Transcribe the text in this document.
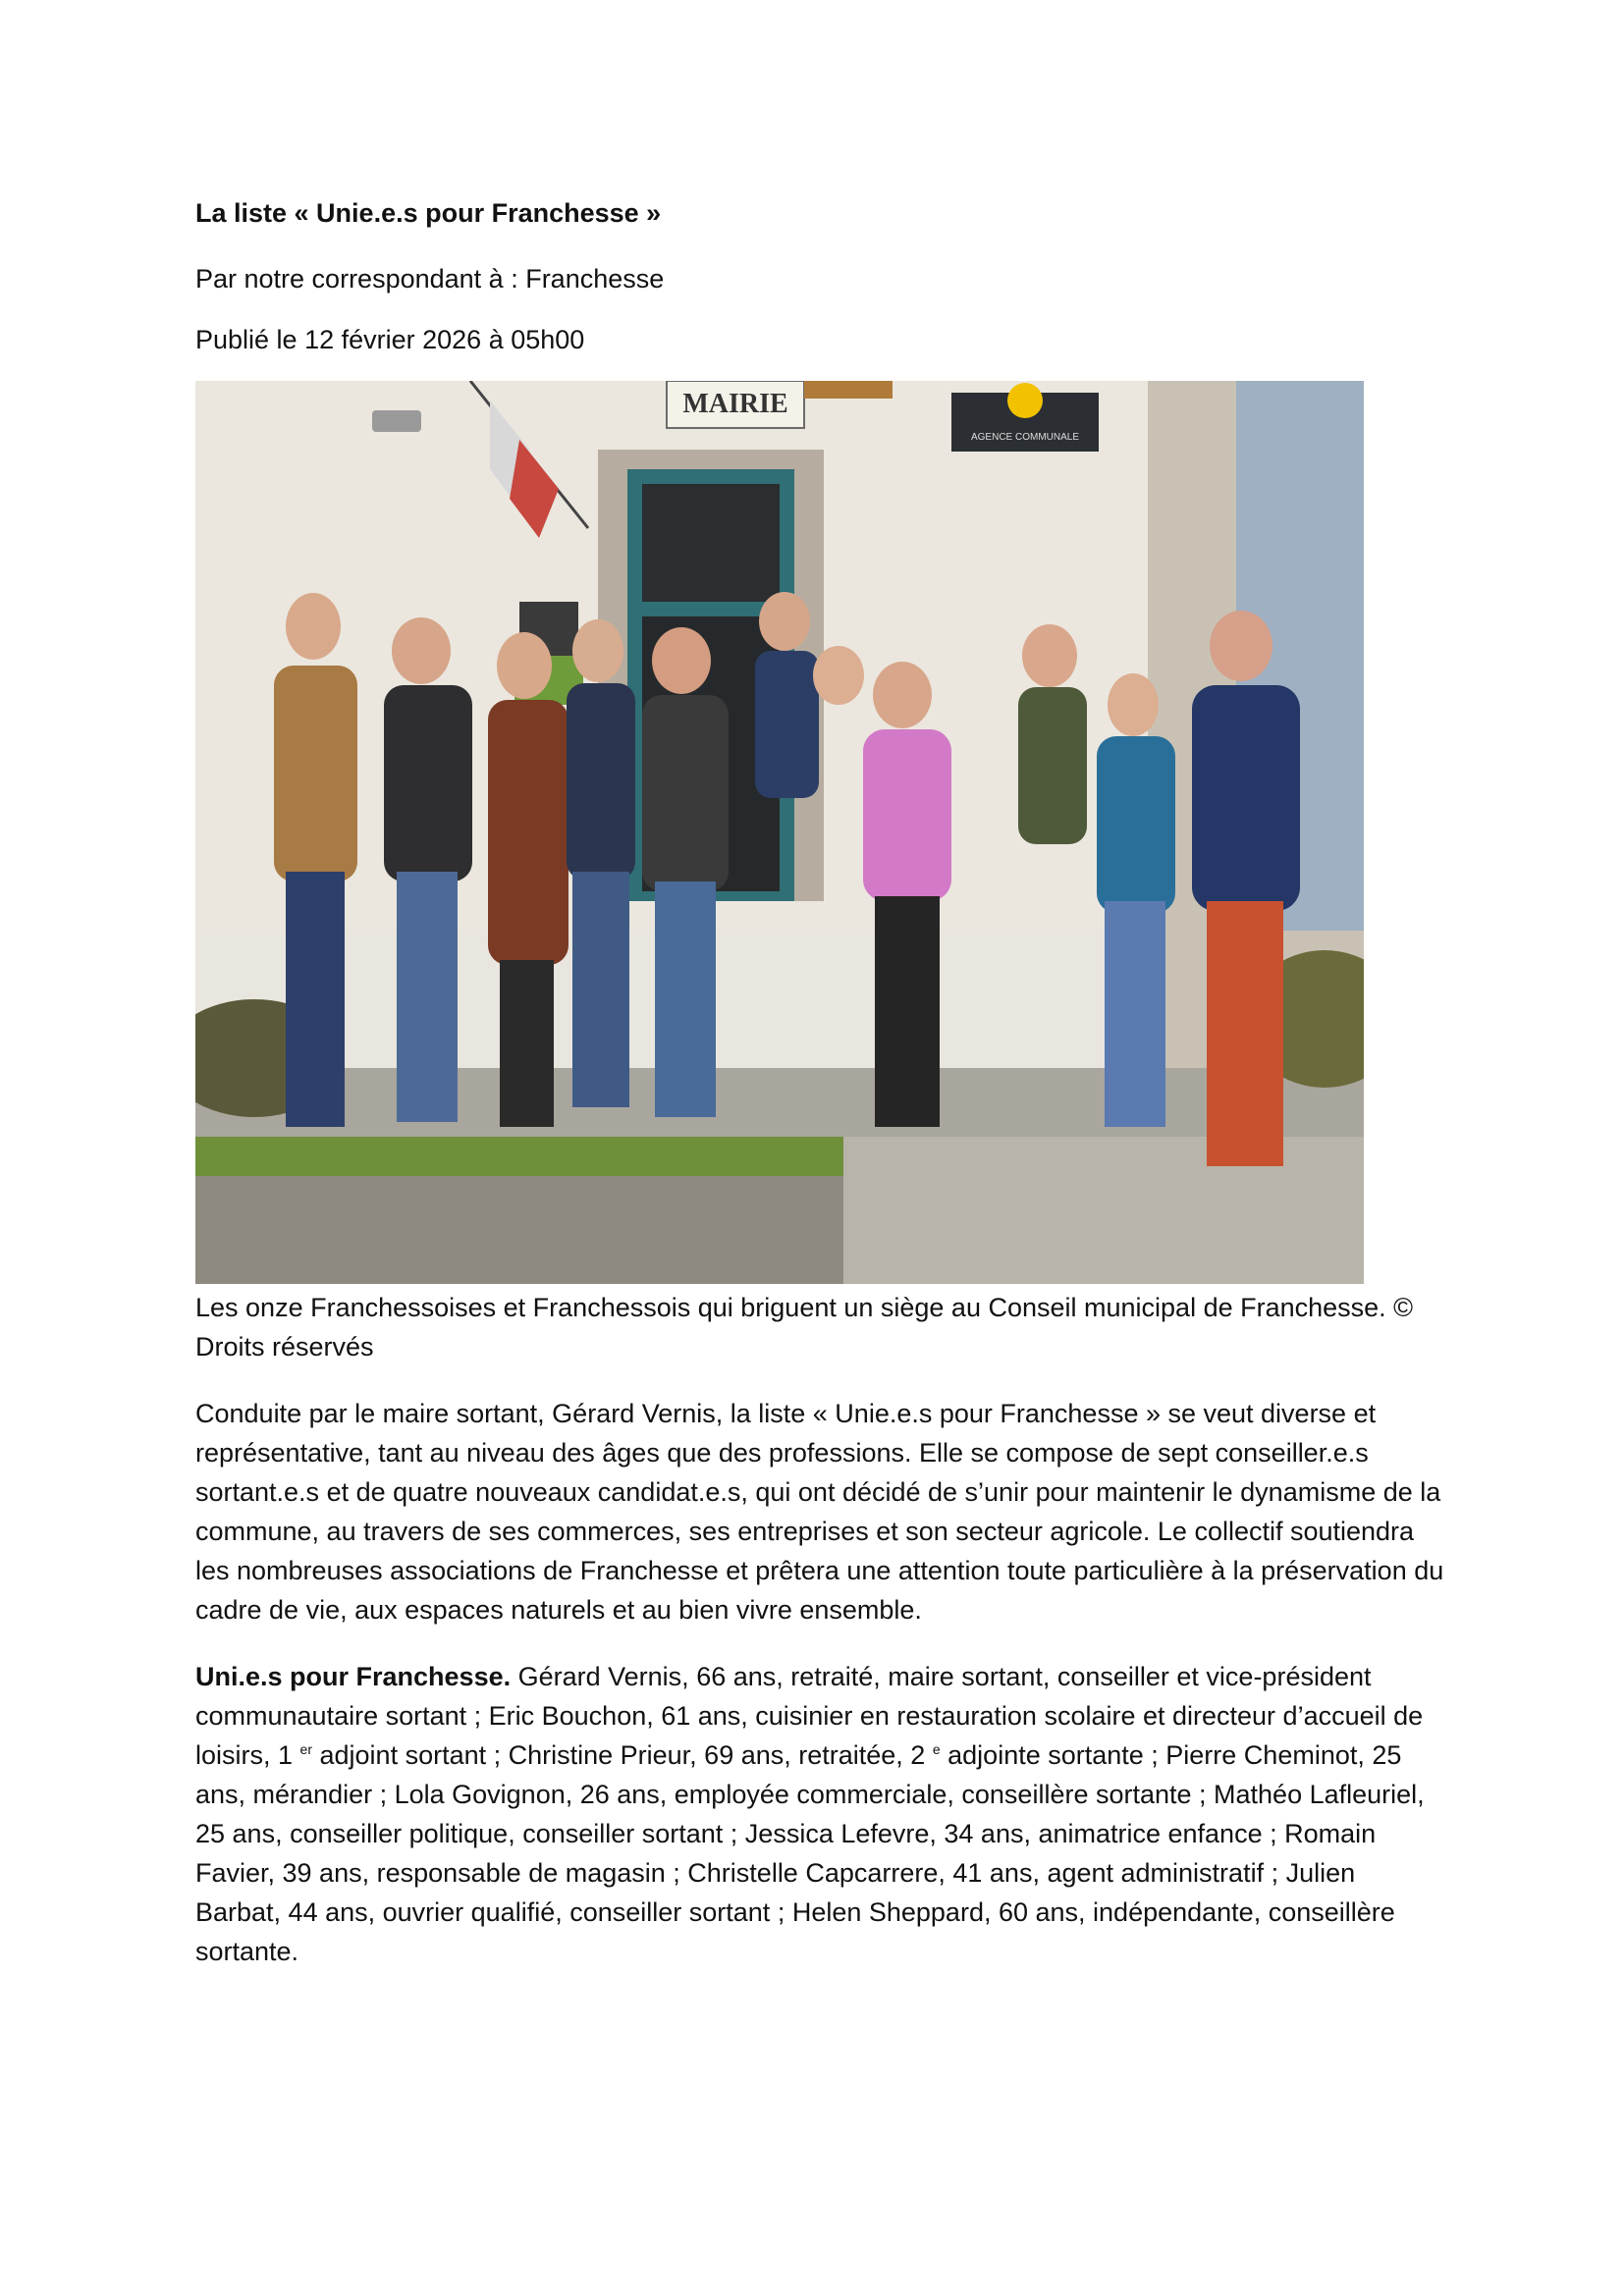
La liste « Unie.e.s pour Franchesse »
Par notre correspondant à : Franchesse
Publié le 12 février 2026 à 05h00
MAIRIE
AGENCE COMMUNALE
Les onze Franchessoises et Franchessois qui briguent un siège au Conseil municipal de Franchesse. © Droits réservés
Conduite par le maire sortant, Gérard Vernis, la liste « Unie.e.s pour Franchesse » se veut diverse et représentative, tant au niveau des âges que des professions. Elle se compose de sept conseiller.e.s sortant.e.s et de quatre nouveaux candidat.e.s, qui ont décidé de s’unir pour maintenir le dynamisme de la commune, au travers de ses commerces, ses entreprises et son secteur agricole. Le collectif soutiendra les nombreuses associations de Franchesse et prêtera une attention toute particulière à la préservation du cadre de vie, aux espaces naturels et au bien vivre ensemble.
Uni.e.s pour Franchesse. Gérard Vernis, 66 ans, retraité, maire sortant, conseiller et vice-président communautaire sortant ; Eric Bouchon, 61 ans, cuisinier en restauration scolaire et directeur d’accueil de loisirs, 1 $^{er}$ adjoint sortant ; Christine Prieur, 69 ans, retraitée, 2 $^e$ adjointe sortante ; Pierre Cheminot, 25 ans, mérandier ; Lola Govignon, 26 ans, employée commerciale, conseillère sortante ; Mathéo Lafleuriel, 25 ans, conseiller politique, conseiller sortant ; Jessica Lefevre, 34 ans, animatrice enfance ; Romain Favier, 39 ans, responsable de magasin ; Christelle Capcarrere, 41 ans, agent administratif ; Julien Barbat, 44 ans, ouvrier qualifié, conseiller sortant ; Helen Sheppard, 60 ans, indépendante, conseillère sortante.
